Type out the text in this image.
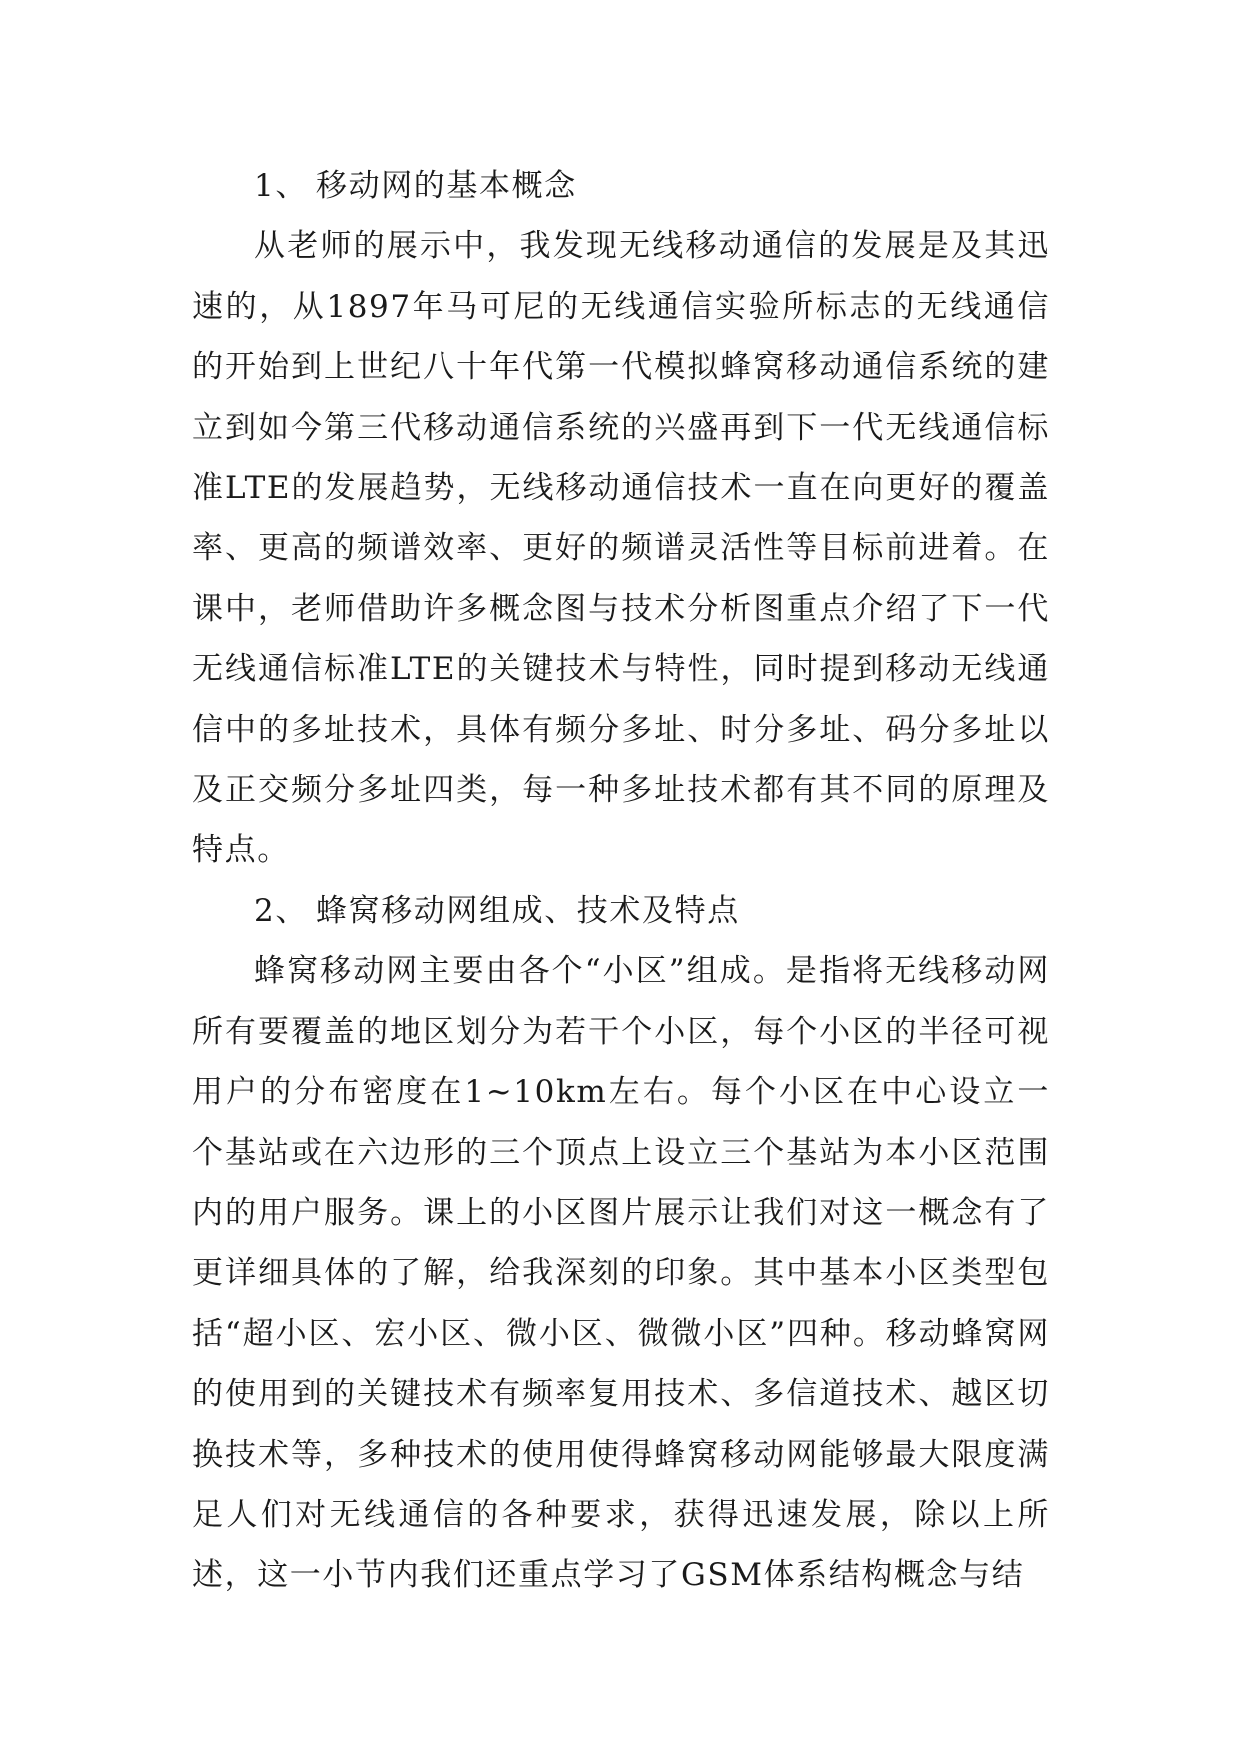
1、 移动网的基本概念

从老师的展示中，我发现无线移动通信的发展是及其迅速的，从1897年马可尼的无线通信实验所标志的无线通信的开始到上世纪八十年代第一代模拟蜂窝移动通信系统的建立到如今第三代移动通信系统的兴盛再到下一代无线通信标准LTE的发展趋势，无线移动通信技术一直在向更好的覆盖率、更高的频谱效率、更好的频谱灵活性等目标前进着。在课中，老师借助许多概念图与技术分析图重点介绍了下一代无线通信标准LTE的关键技术与特性，同时提到移动无线通信中的多址技术，具体有频分多址、时分多址、码分多址以及正交频分多址四类，每一种多址技术都有其不同的原理及特点。

2、 蜂窝移动网组成、技术及特点

蜂窝移动网主要由各个“小区”组成。是指将无线移动网所有要覆盖的地区划分为若干个小区，每个小区的半径可视用户的分布密度在1~10km左右。每个小区在中心设立一个基站或在六边形的三个顶点上设立三个基站为本小区范围内的用户服务。课上的小区图片展示让我们对这一概念有了更详细具体的了解，给我深刻的印象。其中基本小区类型包括“超小区、宏小区、微小区、微微小区”四种。移动蜂窝网的使用到的关键技术有频率复用技术、多信道技术、越区切换技术等，多种技术的使用使得蜂窝移动网能够最大限度满足人们对无线通信的各种要求，获得迅速发展，除以上所述，这一小节内我们还重点学习了GSM体系结构概念与结
